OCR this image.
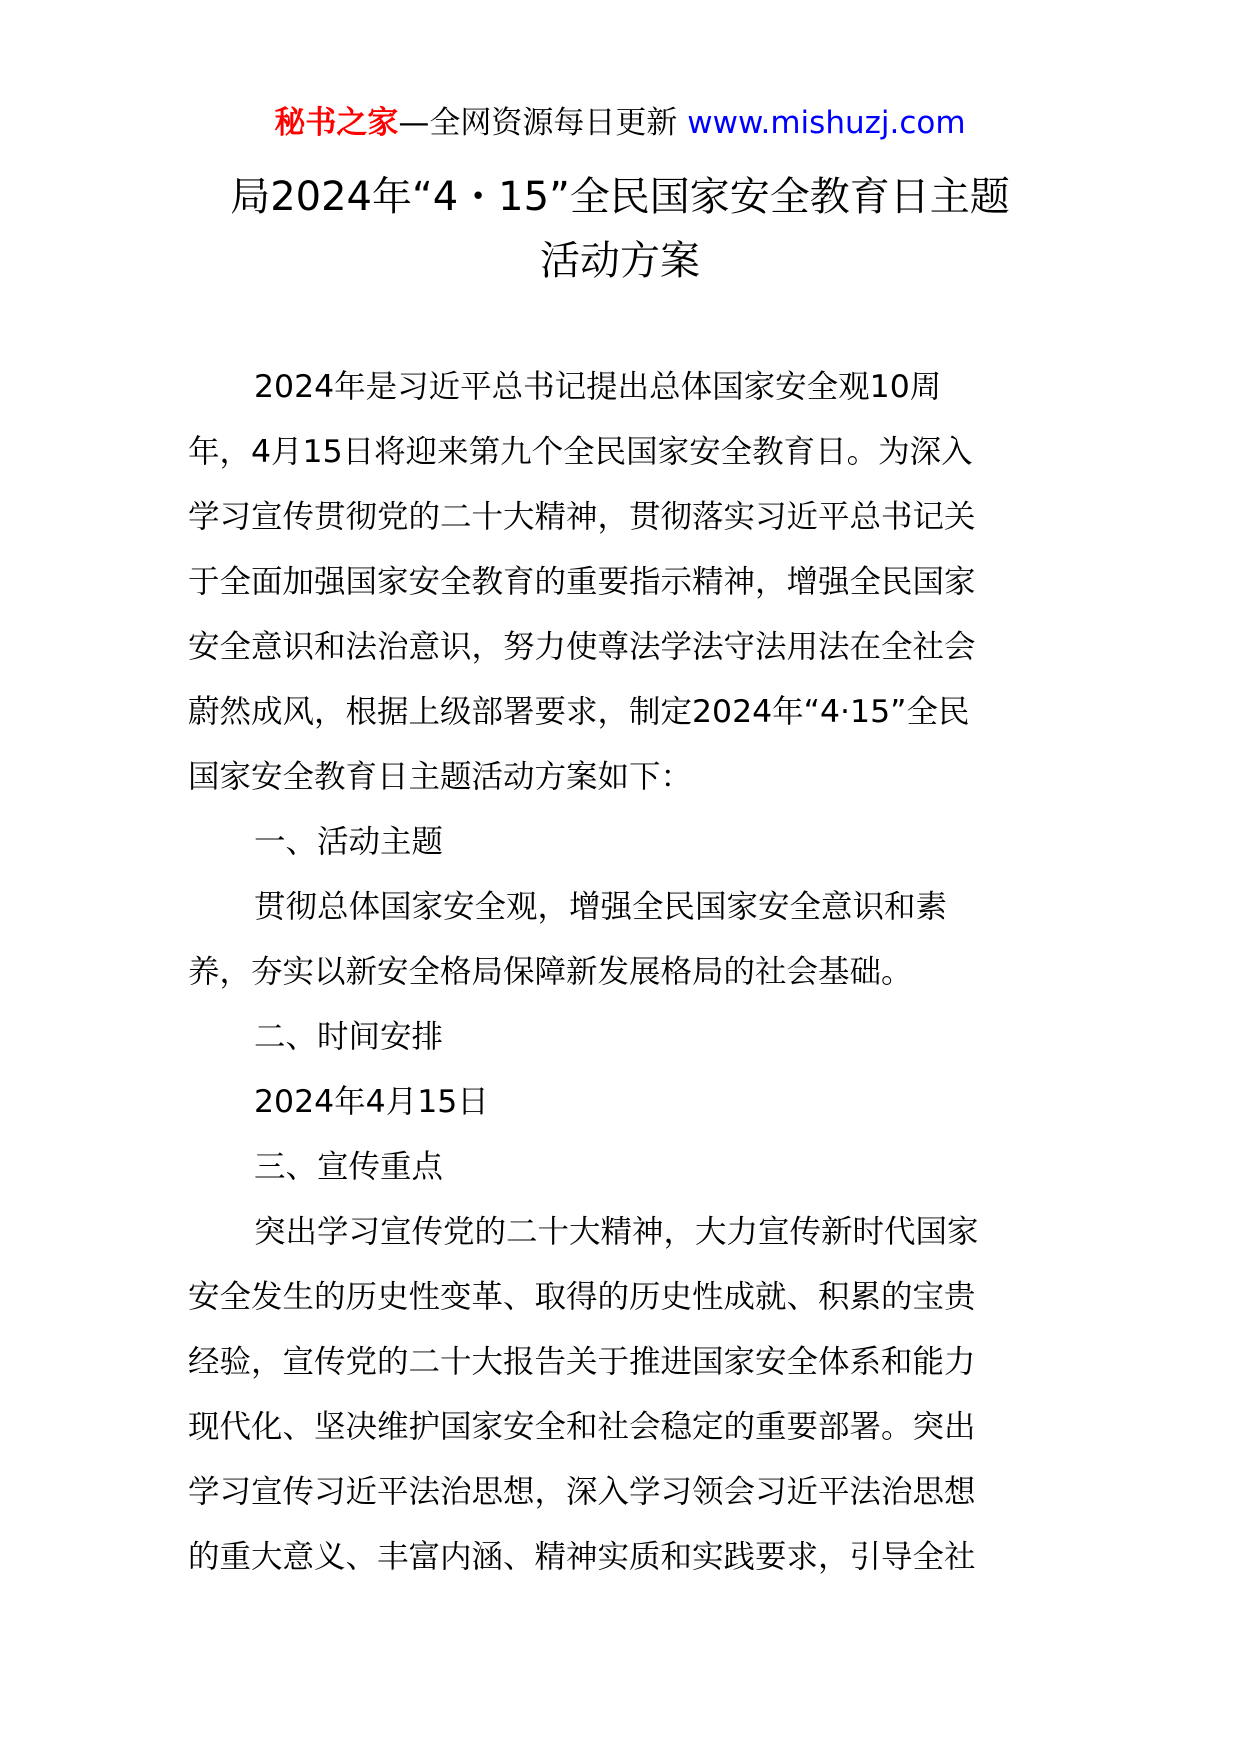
秘书之家—全网资源每日更新 www.mishuzj.com
局2024年“4・15”全民国家安全教育日主题
活动方案
2024年是习近平总书记提出总体国家安全观10周
年，4月15日将迎来第九个全民国家安全教育日。为深入
学习宣传贯彻党的二十大精神，贯彻落实习近平总书记关
于全面加强国家安全教育的重要指示精神，增强全民国家
安全意识和法治意识，努力使尊法学法守法用法在全社会
蔚然成风，根据上级部署要求，制定2024年“4·15”全民
国家安全教育日主题活动方案如下：
一、活动主题
贯彻总体国家安全观，增强全民国家安全意识和素
养，夯实以新安全格局保障新发展格局的社会基础。
二、时间安排
2024年4月15日
三、宣传重点
突出学习宣传党的二十大精神，大力宣传新时代国家
安全发生的历史性变革、取得的历史性成就、积累的宝贵
经验，宣传党的二十大报告关于推进国家安全体系和能力
现代化、坚决维护国家安全和社会稳定的重要部署。突出
学习宣传习近平法治思想，深入学习领会习近平法治思想
的重大意义、丰富内涵、精神实质和实践要求，引导全社
